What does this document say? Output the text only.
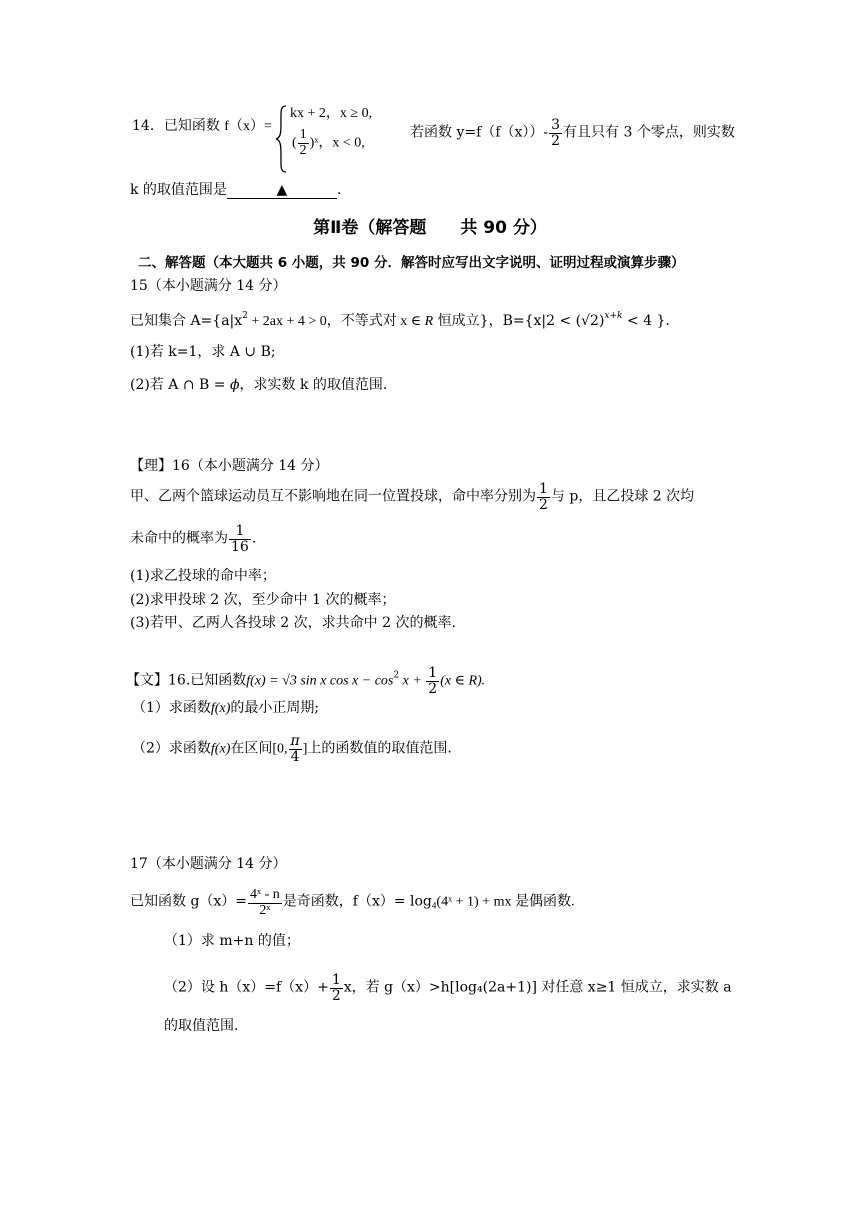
14．已知函数 f（x）=
kx + 2，x ≥ 0,
( $\frac{1}{2}$ )ˣ，x < 0,
若函数 $y=f(f(x))- \frac{3}{2}$ 有且只有 3 个零点，则实数
k 的取值范围是	▲	.
第Ⅱ卷（解答题　　共 90 分）
二、解答题（本大题共 6 小题，共 90 分．解答时应写出文字说明、证明过程或演算步骤）
15（本小题满分 14 分）
已知集合 $A=\{a|x^2 + 2ax + 4 > 0$，不等式对 x ∈ R 恒成立}，$B=\{x|2 < (√2)^{x+k} < 4$ }.
(1)若 k=1，求 A ∪ B;
(2)若 A ∩ B = ϕ，求实数 k 的取值范围.
【理】16（本小题满分 14 分）
甲、乙两个篮球运动员互不影响地在同一位置投球，命中率分别为 $\frac{1}{2}$ 与 p，且乙投球 2 次均
未命中的概率为 $\frac{1}{16}$ .
(1)求乙投球的命中率；
(2)求甲投球 2 次，至少命中 1 次的概率；
(3)若甲、乙两人各投球 2 次，求共命中 2 次的概率.
【文】16.已知函数f(x) = √3 sin x $\cos x - \cos^2 x + \frac{1}{2} (x$ ∈ R).
（1）求函数f(x)的最小正周期;
（2）求函数f(x)在区间[0, $\frac{\pi}{4}$ ]上的函数值的取值范围.
17（本小题满分 14 分）
已知函数 $g(x)= \frac{\text{4ˣ - n}}{\text{2ˣ}}$ 是奇函数，$f(x)= \log_4(4ˣ + 1)$ + mx 是偶函数.
（1）求 m+n 的值；
（2）设 $h(x)=f(x)+ \frac{1}{2}$ x，若 g（x）>h[log₄(2a+1)] 对任意 x≥1 恒成立，求实数 a
的取值范围.
